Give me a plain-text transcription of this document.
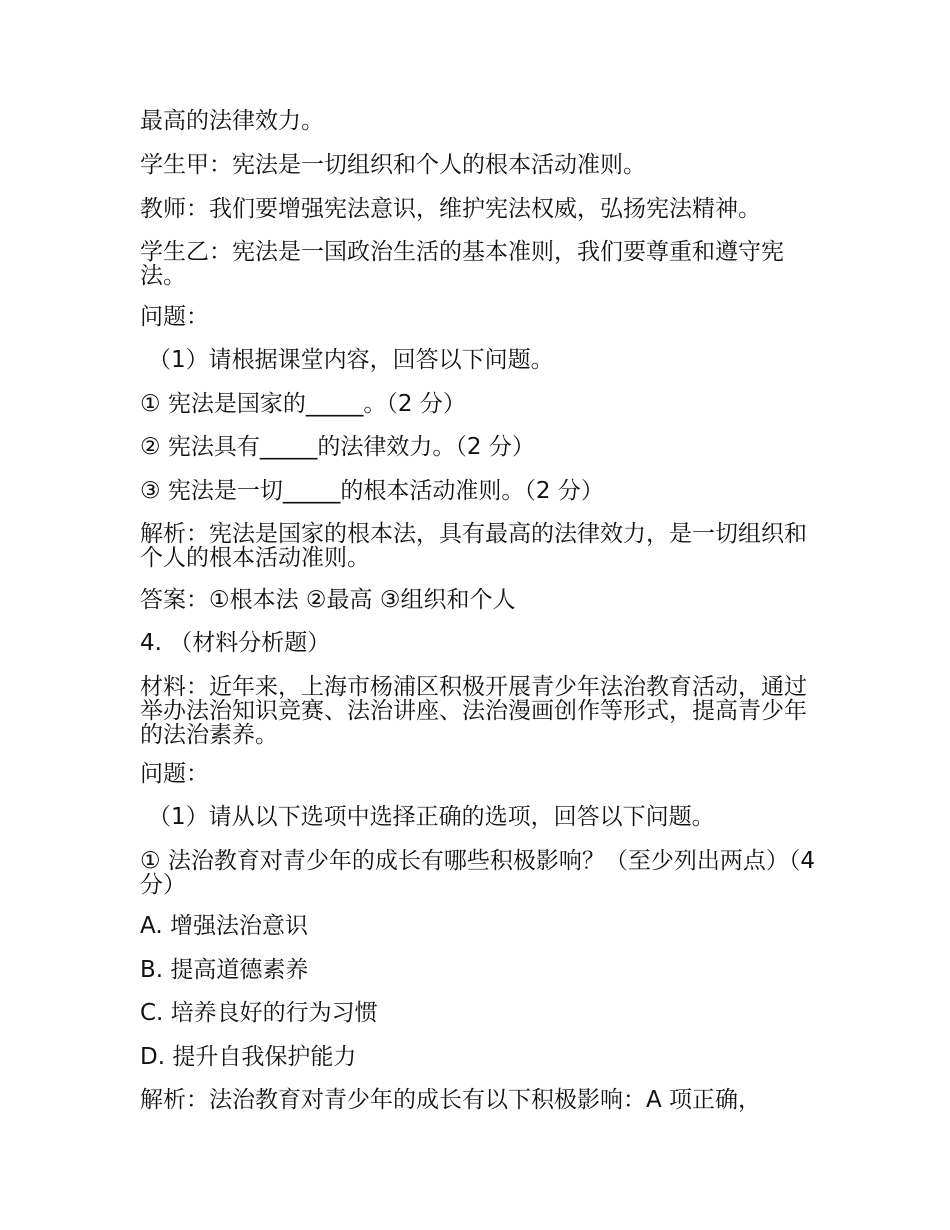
最高的法律效力。
学生甲：宪法是一切组织和个人的根本活动准则。
教师：我们要增强宪法意识，维护宪法权威，弘扬宪法精神。
学生乙：宪法是一国政治生活的基本准则，我们要尊重和遵守宪法。
问题：
（1）请根据课堂内容，回答以下问题。
① 宪法是国家的_____。（2 分）
② 宪法具有_____的法律效力。（2 分）
③ 宪法是一切_____的根本活动准则。（2 分）
解析：宪法是国家的根本法，具有最高的法律效力，是一切组织和个人的根本活动准则。
答案：①根本法 ②最高 ③组织和个人
4. （材料分析题）
材料：近年来，上海市杨浦区积极开展青少年法治教育活动，通过举办法治知识竞赛、法治讲座、法治漫画创作等形式，提高青少年的法治素养。
问题：
（1）请从以下选项中选择正确的选项，回答以下问题。
① 法治教育对青少年的成长有哪些积极影响？（至少列出两点）（4 分）
A. 增强法治意识
B. 提高道德素养
C. 培养良好的行为习惯
D. 提升自我保护能力
解析：法治教育对青少年的成长有以下积极影响：A 项正确，
